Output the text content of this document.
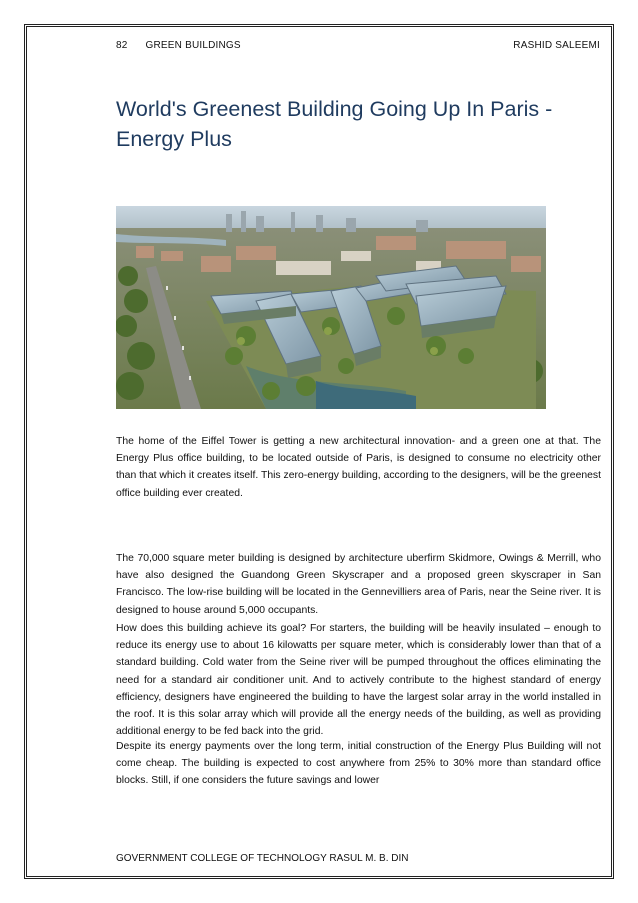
82 GREEN BUILDINGS	RASHID SALEEMI
World's Greenest Building Going Up In Paris - Energy Plus

The home of the Eiffel Tower is getting a new architectural innovation- and a green one at that. The Energy Plus office building, to be located outside of Paris, is designed to consume no electricity other than that which it creates itself. This zero-energy building, according to the designers, will be the greenest office building ever created.

The 70,000 square meter building is designed by architecture uberfirm Skidmore, Owings & Merrill, who have also designed the Guandong Green Skyscraper and a proposed green skyscraper in San Francisco. The low-rise building will be located in the Gennevilliers area of Paris, near the Seine river. It is designed to house around 5,000 occupants.

How does this building achieve its goal? For starters, the building will be heavily insulated – enough to reduce its energy use to about 16 kilowatts per square meter, which is considerably lower than that of a standard building. Cold water from the Seine river will be pumped throughout the offices eliminating the need for a standard air conditioner unit. And to actively contribute to the highest standard of energy efficiency, designers have engineered the building to have the largest solar array in the world installed in the roof. It is this solar array which will provide all the energy needs of the building, as well as providing additional energy to be fed back into the grid.

Despite its energy payments over the long term, initial construction of the Energy Plus Building will not come cheap. The building is expected to cost anywhere from 25% to 30% more than standard office blocks. Still, if one considers the future savings and lower

GOVERNMENT COLLEGE OF TECHNOLOGY RASUL M. B. DIN
